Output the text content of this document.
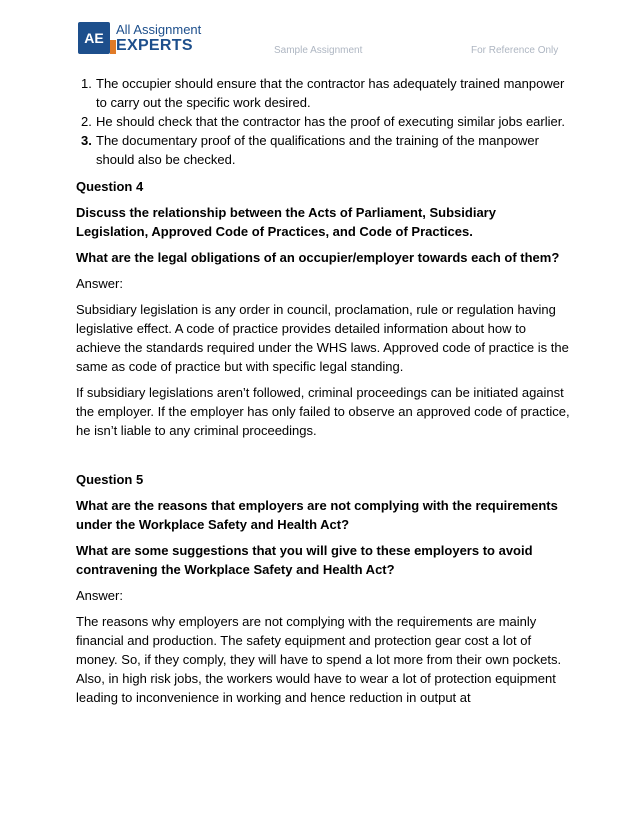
AE
All Assignment
EXPERTS	Sample Assignment	For Reference Only
1. The occupier should ensure that the contractor has adequately trained manpower to carry out the specific work desired.
2. He should check that the contractor has the proof of executing similar jobs earlier.
3. The documentary proof of the qualifications and the training of the manpower should also be checked.

Question 4

Discuss the relationship between the Acts of Parliament, Subsidiary Legislation, Approved Code of Practices, and Code of Practices.

What are the legal obligations of an occupier/employer towards each of them?

Answer:

Subsidiary legislation is any order in council, proclamation, rule or regulation having legislative effect. A code of practice provides detailed information about how to achieve the standards required under the WHS laws. Approved code of practice is the same as code of practice but with specific legal standing.

If subsidiary legislations aren’t followed, criminal proceedings can be initiated against the employer. If the employer has only failed to observe an approved code of practice, he isn’t liable to any criminal proceedings.

Question 5

What are the reasons that employers are not complying with the requirements under the Workplace Safety and Health Act?

What are some suggestions that you will give to these employers to avoid contravening the Workplace Safety and Health Act?

Answer:

The reasons why employers are not complying with the requirements are mainly financial and production. The safety equipment and protection gear cost a lot of money. So, if they comply, they will have to spend a lot more from their own pockets. Also, in high risk jobs, the workers would have to wear a lot of protection equipment leading to inconvenience in working and hence reduction in output at
